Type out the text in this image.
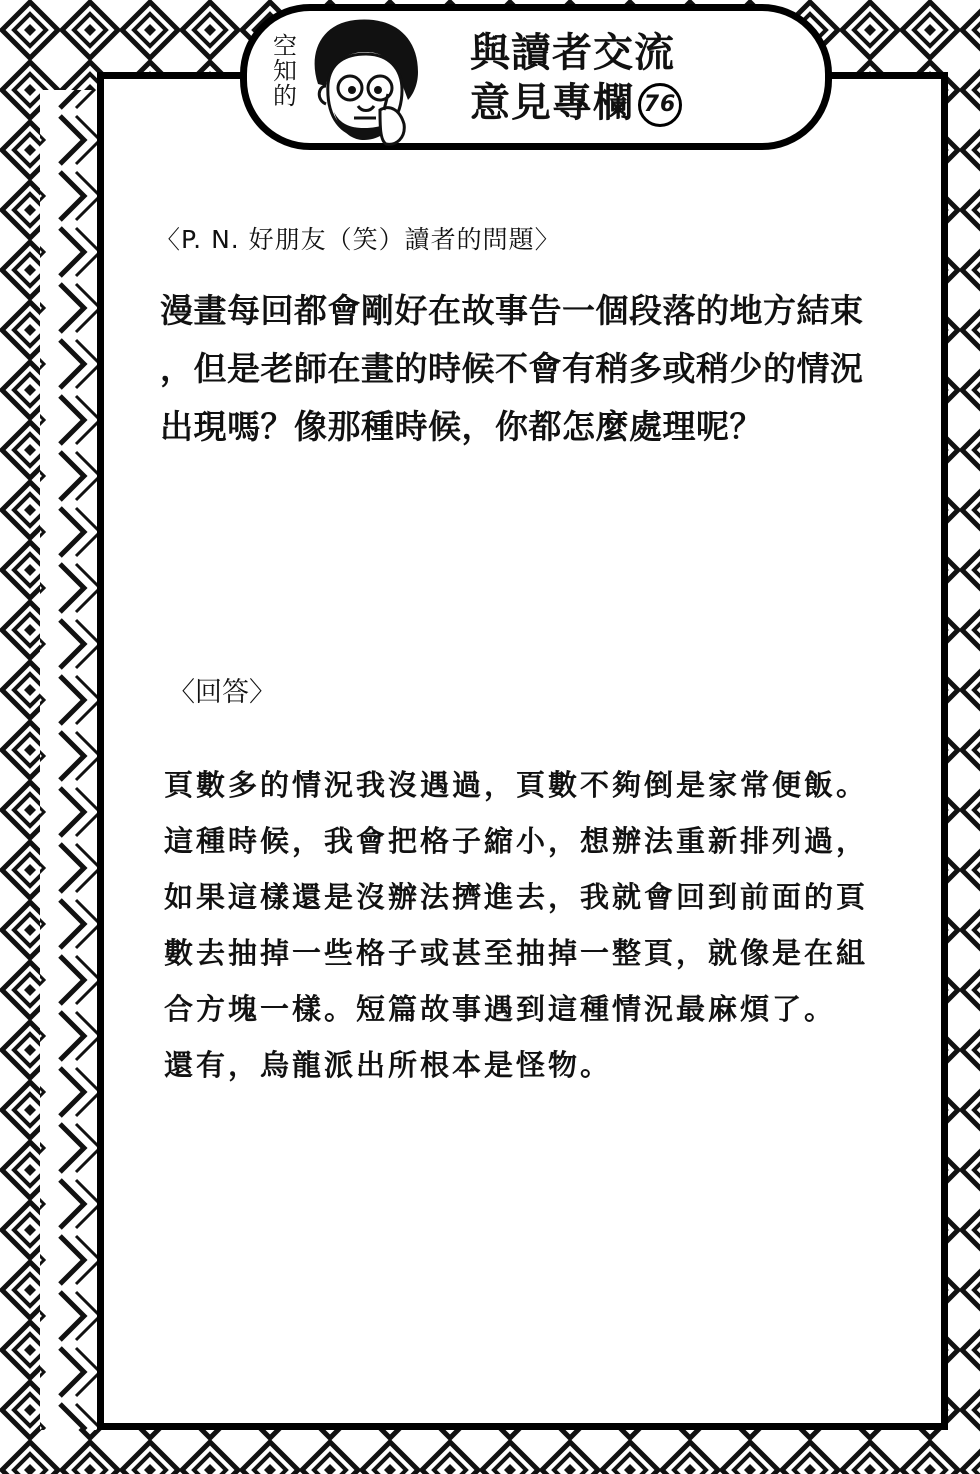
空
知
的
與讀者交流
意見專欄 76
〈P. N. 好朋友（笑）讀者的問題〉
漫畫每回都會剛好在故事告一個段落的地方結束
，但是老師在畫的時候不會有稍多或稍少的情況
出現嗎？像那種時候，你都怎麼處理呢？
〈回答〉
頁數多的情況我沒遇過，頁數不夠倒是家常便飯。
這種時候，我會把格子縮小，想辦法重新排列過，
如果這樣還是沒辦法擠進去，我就會回到前面的頁
數去抽掉一些格子或甚至抽掉一整頁，就像是在組
合方塊一樣。短篇故事遇到這種情況最麻煩了。
還有，烏龍派出所根本是怪物。
